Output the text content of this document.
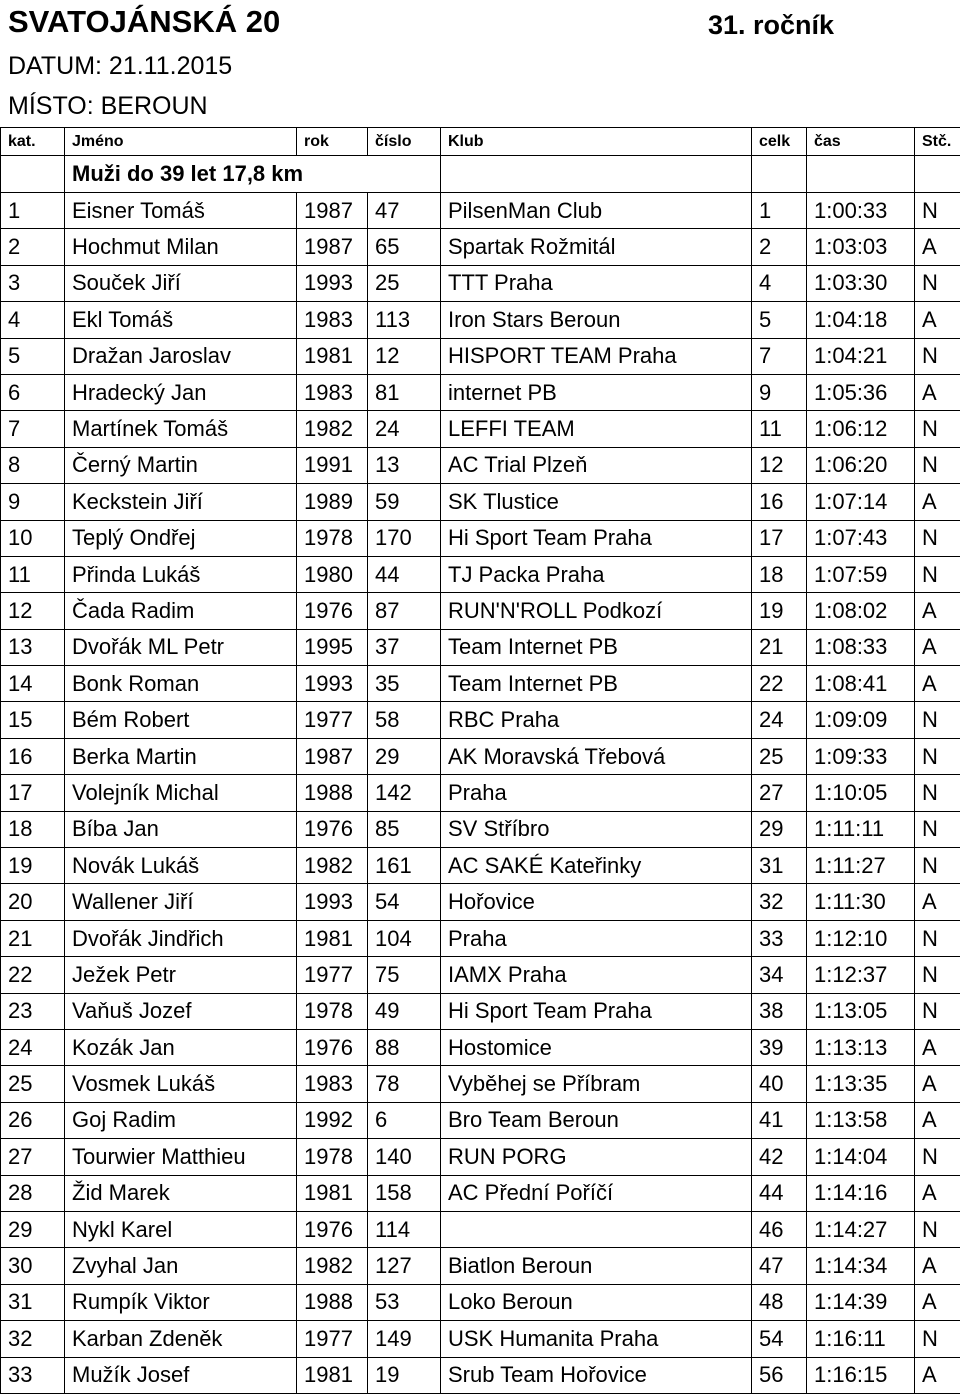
SVATOJÁNSKÁ 20	31. ročník
DATUM: 21.11.2015
MÍSTO: BEROUN
kat.	Jméno	rok	číslo	Klub	celk	čas	Stč.
	Muži do 39 let 17,8 km						
1	Eisner Tomáš	1987	47	PilsenMan Club	1	1:00:33	N
2	Hochmut Milan	1987	65	Spartak Rožmitál	2	1:03:03	A
3	Souček Jiří	1993	25	TTT Praha	4	1:03:30	N
4	Ekl Tomáš	1983	113	Iron Stars Beroun	5	1:04:18	A
5	Dražan Jaroslav	1981	12	HISPORT TEAM Praha	7	1:04:21	N
6	Hradecký Jan	1983	81	internet PB	9	1:05:36	A
7	Martínek Tomáš	1982	24	LEFFI TEAM	11	1:06:12	N
8	Černý Martin	1991	13	AC Trial Plzeň	12	1:06:20	N
9	Keckstein Jiří	1989	59	SK Tlustice	16	1:07:14	A
10	Teplý Ondřej	1978	170	Hi Sport Team Praha	17	1:07:43	N
11	Přinda Lukáš	1980	44	TJ Packa Praha	18	1:07:59	N
12	Čada Radim	1976	87	RUN'N'ROLL Podkozí	19	1:08:02	A
13	Dvořák ML Petr	1995	37	Team Internet PB	21	1:08:33	A
14	Bonk Roman	1993	35	Team Internet PB	22	1:08:41	A
15	Bém Robert	1977	58	RBC Praha	24	1:09:09	N
16	Berka Martin	1987	29	AK Moravská Třebová	25	1:09:33	N
17	Volejník Michal	1988	142	Praha	27	1:10:05	N
18	Bíba Jan	1976	85	SV Stříbro	29	1:11:11	N
19	Novák Lukáš	1982	161	AC SAKÉ Kateřinky	31	1:11:27	N
20	Wallener Jiří	1993	54	Hořovice	32	1:11:30	A
21	Dvořák Jindřich	1981	104	Praha	33	1:12:10	N
22	Ježek Petr	1977	75	IAMX Praha	34	1:12:37	N
23	Vaňuš Jozef	1978	49	Hi Sport Team Praha	38	1:13:05	N
24	Kozák Jan	1976	88	Hostomice	39	1:13:13	A
25	Vosmek Lukáš	1983	78	Vyběhej se Příbram	40	1:13:35	A
26	Goj Radim	1992	6	Bro Team Beroun	41	1:13:58	A
27	Tourwier Matthieu	1978	140	RUN PORG	42	1:14:04	N
28	Žid Marek	1981	158	AC Přední Poříčí	44	1:14:16	A
29	Nykl Karel	1976	114		46	1:14:27	N
30	Zvyhal Jan	1982	127	Biatlon Beroun	47	1:14:34	A
31	Rumpík Viktor	1988	53	Loko Beroun	48	1:14:39	A
32	Karban Zdeněk	1977	149	USK Humanita Praha	54	1:16:11	N
33	Mužík Josef	1981	19	Srub Team Hořovice	56	1:16:15	A
